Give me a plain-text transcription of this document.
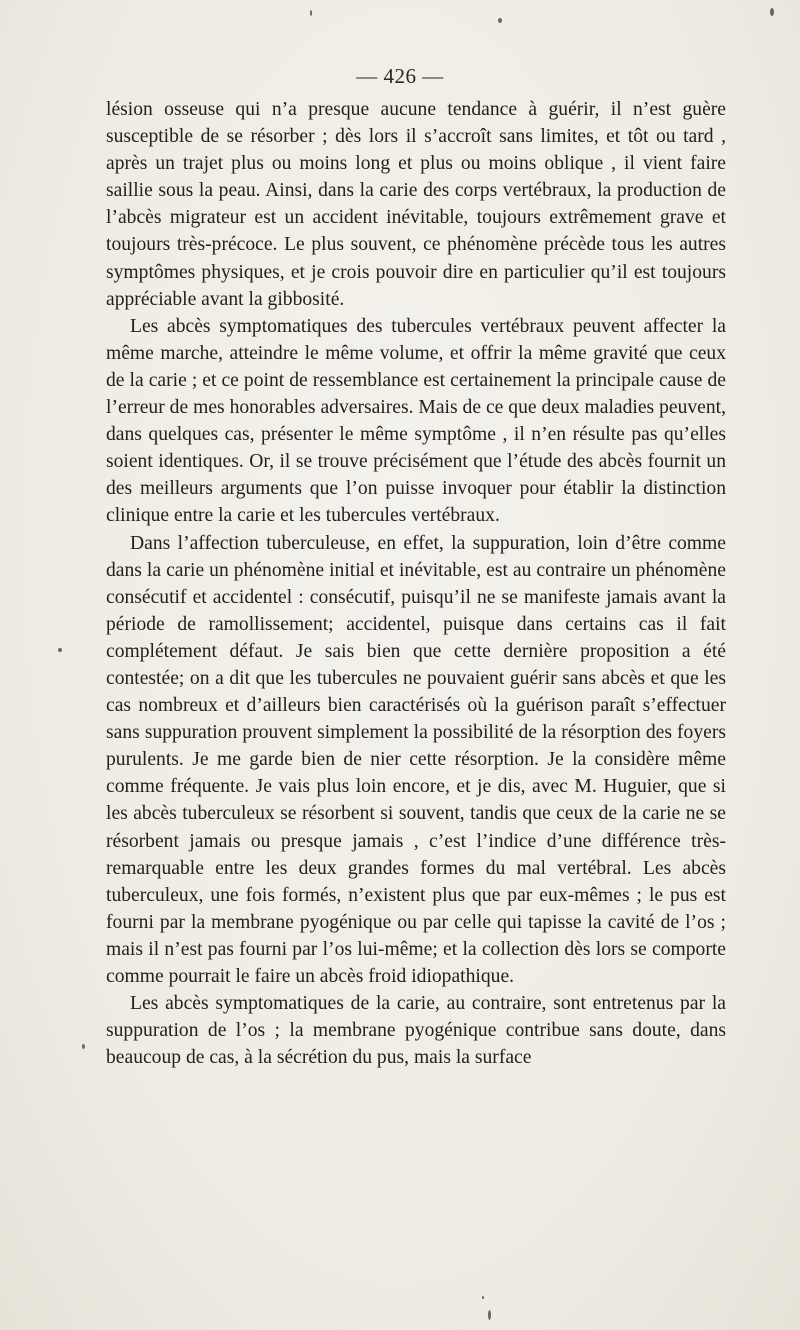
— 426 —

lésion osseuse qui n’a presque aucune tendance à guérir, il n’est guère susceptible de se résorber ; dès lors il s’accroît sans limites, et tôt ou tard , après un trajet plus ou moins long et plus ou moins oblique , il vient faire saillie sous la peau. Ainsi, dans la carie des corps vertébraux, la production de l’abcès migrateur est un accident inévitable, toujours extrêmement grave et toujours très-précoce. Le plus souvent, ce phénomène précède tous les autres symptômes physiques, et je crois pouvoir dire en particulier qu’il est toujours appréciable avant la gibbosité.

Les abcès symptomatiques des tubercules vertébraux peuvent affecter la même marche, atteindre le même volume, et offrir la même gravité que ceux de la carie ; et ce point de ressemblance est certainement la principale cause de l’erreur de mes honorables adversaires. Mais de ce que deux maladies peuvent, dans quelques cas, présenter le même symptôme , il n’en résulte pas qu’elles soient identiques. Or, il se trouve précisément que l’étude des abcès fournit un des meilleurs arguments que l’on puisse invoquer pour établir la distinction clinique entre la carie et les tubercules vertébraux.

Dans l’affection tuberculeuse, en effet, la suppuration, loin d’être comme dans la carie un phénomène initial et inévitable, est au contraire un phénomène consécutif et accidentel : consécutif, puisqu’il ne se manifeste jamais avant la période de ramollissement; accidentel, puisque dans certains cas il fait complétement défaut. Je sais bien que cette dernière proposition a été contestée; on a dit que les tubercules ne pouvaient guérir sans abcès et que les cas nombreux et d’ailleurs bien caractérisés où la guérison paraît s’effectuer sans suppuration prouvent simplement la possibilité de la résorption des foyers purulents. Je me garde bien de nier cette résorption. Je la considère même comme fréquente. Je vais plus loin encore, et je dis, avec M. Huguier, que si les abcès tuberculeux se résorbent si souvent, tandis que ceux de la carie ne se résorbent jamais ou presque jamais , c’est l’indice d’une différence très-remarquable entre les deux grandes formes du mal vertébral. Les abcès tuberculeux, une fois formés, n’existent plus que par eux-mêmes ; le pus est fourni par la membrane pyogénique ou par celle qui tapisse la cavité de l’os ; mais il n’est pas fourni par l’os lui-même; et la collection dès lors se comporte comme pourrait le faire un abcès froid idiopathique.

Les abcès symptomatiques de la carie, au contraire, sont entretenus par la suppuration de l’os ; la membrane pyogénique contribue sans doute, dans beaucoup de cas, à la sécrétion du pus, mais la surface
